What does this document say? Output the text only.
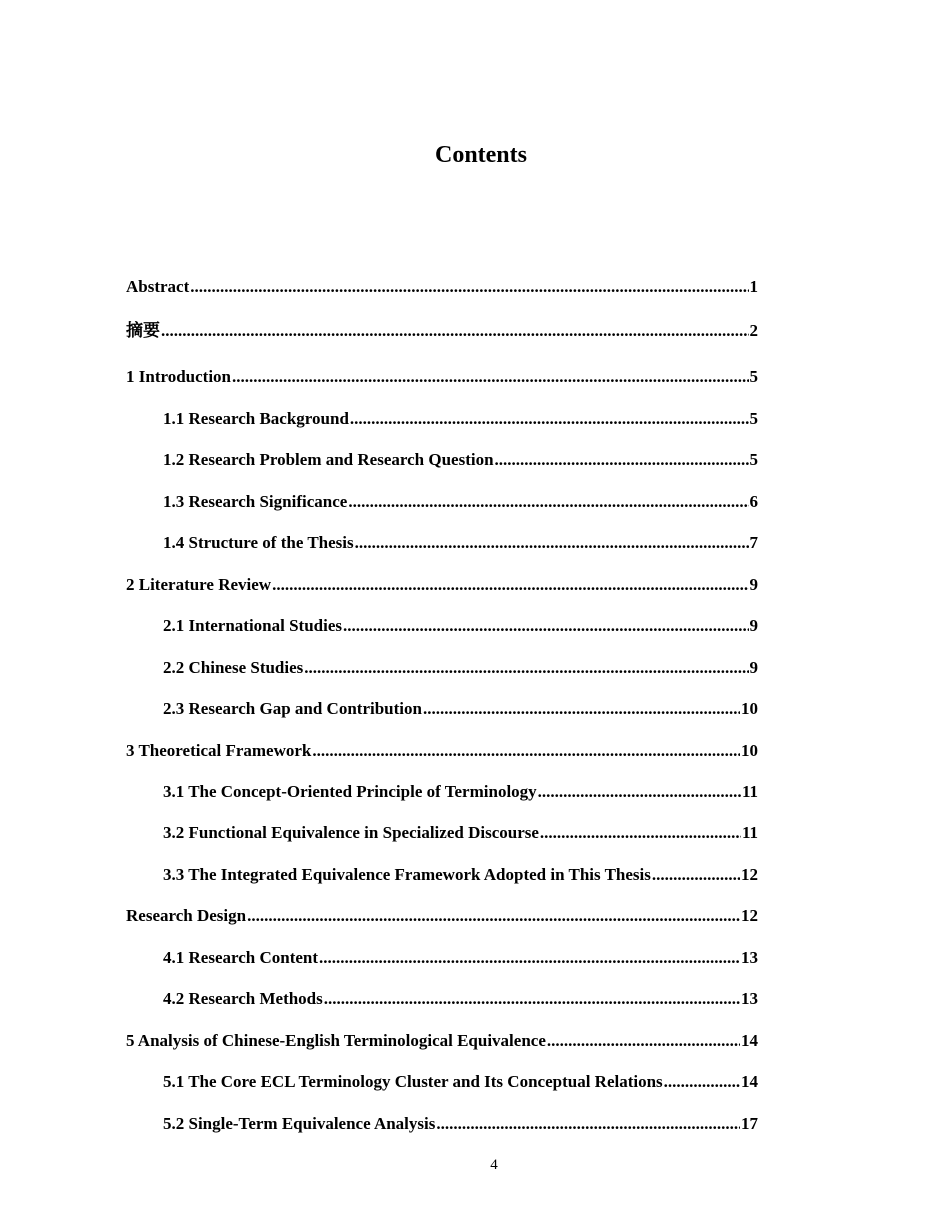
Contents
Abstract .....	1
摘要 .....	2
1 Introduction .....	5
1.1 Research Background .....	5
1.2 Research Problem and Research Question .....	5
1.3 Research Significance .....	6
1.4 Structure of the Thesis .....	7
2 Literature Review .....	9
2.1 International Studies .....	9
2.2 Chinese Studies .....	9
2.3 Research Gap and Contribution .....	10
3 Theoretical Framework .....	10
3.1 The Concept-Oriented Principle of Terminology .....	11
3.2 Functional Equivalence in Specialized Discourse .....	11
3.3 The Integrated Equivalence Framework Adopted in This Thesis .....	12
Research Design .....	12
4.1 Research Content .....	13
4.2 Research Methods .....	13
5 Analysis of Chinese-English Terminological Equivalence .....	14
5.1 The Core ECL Terminology Cluster and Its Conceptual Relations .....	14
5.2 Single-Term Equivalence Analysis .....	17
4
